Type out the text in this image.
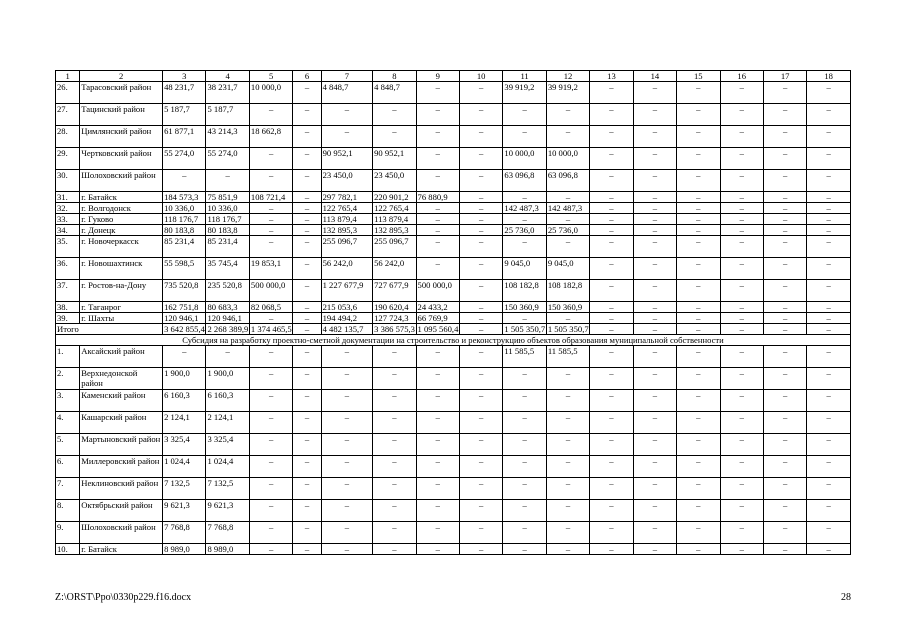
1	2	3	4	5	6	7	8	9	10	11	12	13	14	15	16	17	18
26.	Тарасовский район	48 231,7	38 231,7	10 000,0	–	4 848,7	4 848,7	–	–	39 919,2	39 919,2	–	–	–	–	–	–
27.	Тацинский район	5 187,7	5 187,7	–	–	–	–	–	–	–	–	–	–	–	–	–	–
28.	Цимлянский район	61 877,1	43 214,3	18 662,8	–	–	–	–	–	–	–	–	–	–	–	–	–
29.	Чертковский район	55 274,0	55 274,0	–	–	90 952,1	90 952,1	–	–	10 000,0	10 000,0	–	–	–	–	–	–
30.	Шолоховский район	–	–	–	–	23 450,0	23 450,0	–	–	63 096,8	63 096,8	–	–	–	–	–	–
31.	г. Батайск	184 573,3	75 851,9	108 721,4	–	297 782,1	220 901,2	76 880,9	–	–	–	–	–	–	–	–	–
32.	г. Волгодонск	10 336,0	10 336,0	–	–	122 765,4	122 765,4	–	–	142 487,3	142 487,3	–	–	–	–	–	–
33.	г. Гуково	118 176,7	118 176,7	–	–	113 879,4	113 879,4	–	–	–	–	–	–	–	–	–	–
34.	г. Донецк	80 183,8	80 183,8	–	–	132 895,3	132 895,3	–	–	25 736,0	25 736,0	–	–	–	–	–	–
35.	г. Новочеркасск	85 231,4	85 231,4	–	–	255 096,7	255 096,7	–	–	–	–	–	–	–	–	–	–
36.	г. Новошахтинск	55 598,5	35 745,4	19 853,1	–	56 242,0	56 242,0	–	–	9 045,0	9 045,0	–	–	–	–	–	–
37.	г. Ростов-на-Дону	735 520,8	235 520,8	500 000,0	–	1 227 677,9	727 677,9	500 000,0	–	108 182,8	108 182,8	–	–	–	–	–	–
38.	г. Таганрог	162 751,8	80 683,3	82 068,5	–	215 053,6	190 620,4	24 433,2	–	150 360,9	150 360,9	–	–	–	–	–	–
39.	г. Шахты	120 946,1	120 946,1	–	–	194 494,2	127 724,3	66 769,9	–	–	–	–	–	–	–	–	–
Итого		3 642 855,4	2 268 389,9	1 374 465,5	–	4 482 135,7	3 386 575,3	1 095 560,4	–	1 505 350,7	1 505 350,7	–	–	–	–	–	–
Субсидия на разработку проектно-сметной документации на строительство и реконструкцию объектов образования муниципальной собственности																	
1.	Аксайский район	–	–	–	–	–	–	–	–	11 585,5	11 585,5	–	–	–	–	–	–
2.	Верхнедонской район	1 900,0	1 900,0	–	–	–	–	–	–	–	–	–	–	–	–	–	–
3.	Каменский район	6 160,3	6 160,3	–	–	–	–	–	–	–	–	–	–	–	–	–	–
4.	Кашарский район	2 124,1	2 124,1	–	–	–	–	–	–	–	–	–	–	–	–	–	–
5.	Мартыновский район	3 325,4	3 325,4	–	–	–	–	–	–	–	–	–	–	–	–	–	–
6.	Миллеровский район	1 024,4	1 024,4	–	–	–	–	–	–	–	–	–	–	–	–	–	–
7.	Неклиновский район	7 132,5	7 132,5	–	–	–	–	–	–	–	–	–	–	–	–	–	–
8.	Октябрьский район	9 621,3	9 621,3	–	–	–	–	–	–	–	–	–	–	–	–	–	–
9.	Шолоховский район	7 768,8	7 768,8	–	–	–	–	–	–	–	–	–	–	–	–	–	–
10.	г. Батайск	8 989,0	8 989,0	–	–	–	–	–	–	–	–	–	–	–	–	–	–
Z:\ORST\Ppo\0330p229.f16.docx	28
